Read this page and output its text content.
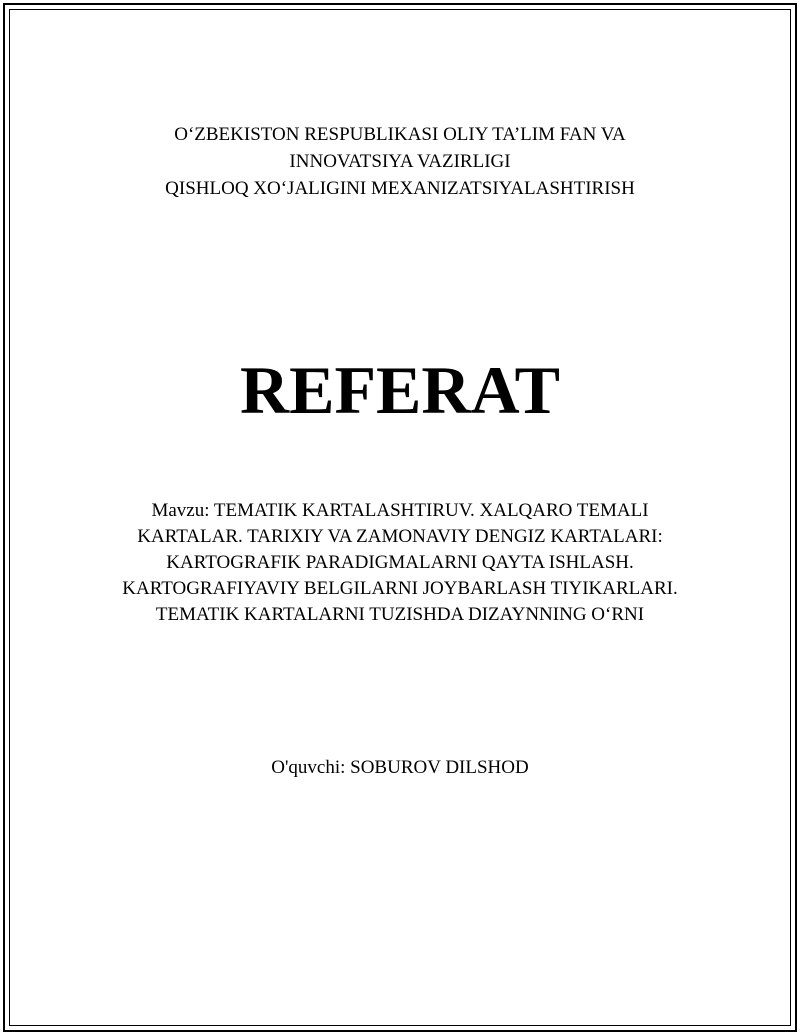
O‘ZBEKISTON RESPUBLIKASI OLIY TA’LIM FAN VA
INNOVATSIYA VAZIRLIGI
QISHLOQ XO‘JALIGINI MEXANIZATSIYALASHTIRISH
REFERAT
Mavzu: TEMATIK KARTALASHTIRUV. XALQARO TEMALI
KARTALAR. TARIXIY VA ZAMONAVIY DENGIZ KARTALARI:
KARTOGRAFIK PARADIGMALARNI QAYTA ISHLASH.
KARTOGRAFIYAVIY BELGILARNI JOYBARLASH TIYIKARLARI.
TEMATIK KARTALARNI TUZISHDA DIZAYNNING O‘RNI
O'quvchi: SOBUROV DILSHOD
